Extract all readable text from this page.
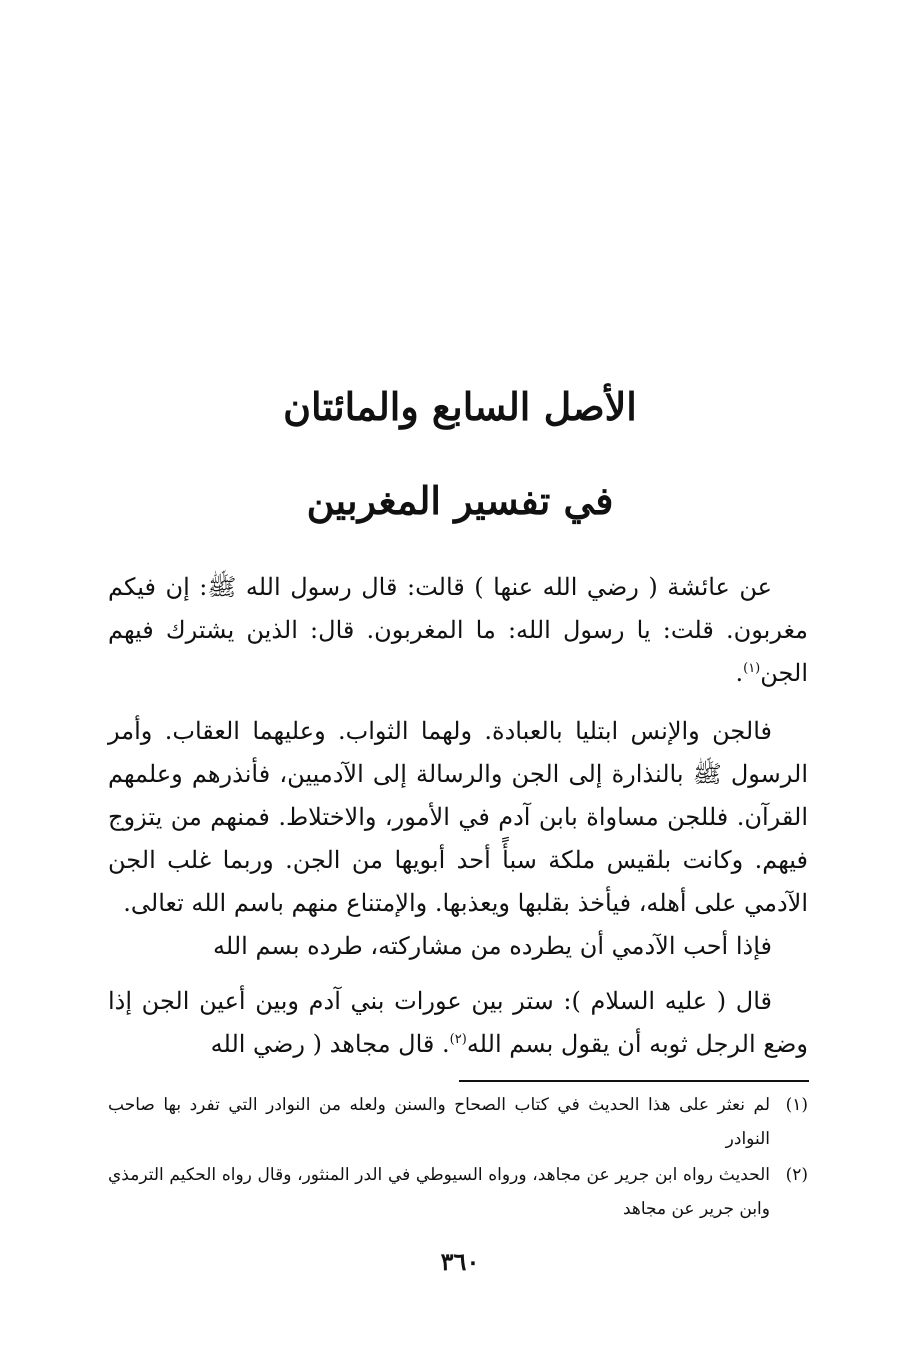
الأصل السابع والمائتان
في تفسير المغربين
عن عائشة ( رضي الله عنها ) قالت: قال رسول الله ﷺ: إن فيكم مغربون. قلت: يا رسول الله: ما المغربون. قال: الذين يشترك فيهم الجن$^{(١)}$.
فالجن والإنس ابتليا بالعبادة. ولهما الثواب. وعليهما العقاب. وأمر الرسول ﷺ بالنذارة إلى الجن والرسالة إلى الآدميين، فأنذرهم وعلمهم القرآن. فللجن مساواة بابن آدم في الأمور، والاختلاط. فمنهم من يتزوج فيهم. وكانت بلقيس ملكة سبأً أحد أبويها من الجن. وربما غلب الجن الآدمي على أهله، فيأخذ بقلبها ويعذبها. والإمتناع منهم باسم الله تعالى.
فإذا أحب الآدمي أن يطرده من مشاركته، طرده بسم الله
قال ( عليه السلام ): ستر بين عورات بني آدم وبين أعين الجن إذا وضع الرجل ثوبه أن يقول بسم الله$^{(٢)}$. قال مجاهد ( رضي الله
(١)
لم نعثر على هذا الحديث في كتاب الصحاح والسنن ولعله من النوادر التي تفرد بها صاحب النوادر
(٢)
الحديث رواه ابن جرير عن مجاهد، ورواه السيوطي في الدر المنثور، وقال رواه الحكيم الترمذي وابن جرير عن مجاهد
٣٦٠
